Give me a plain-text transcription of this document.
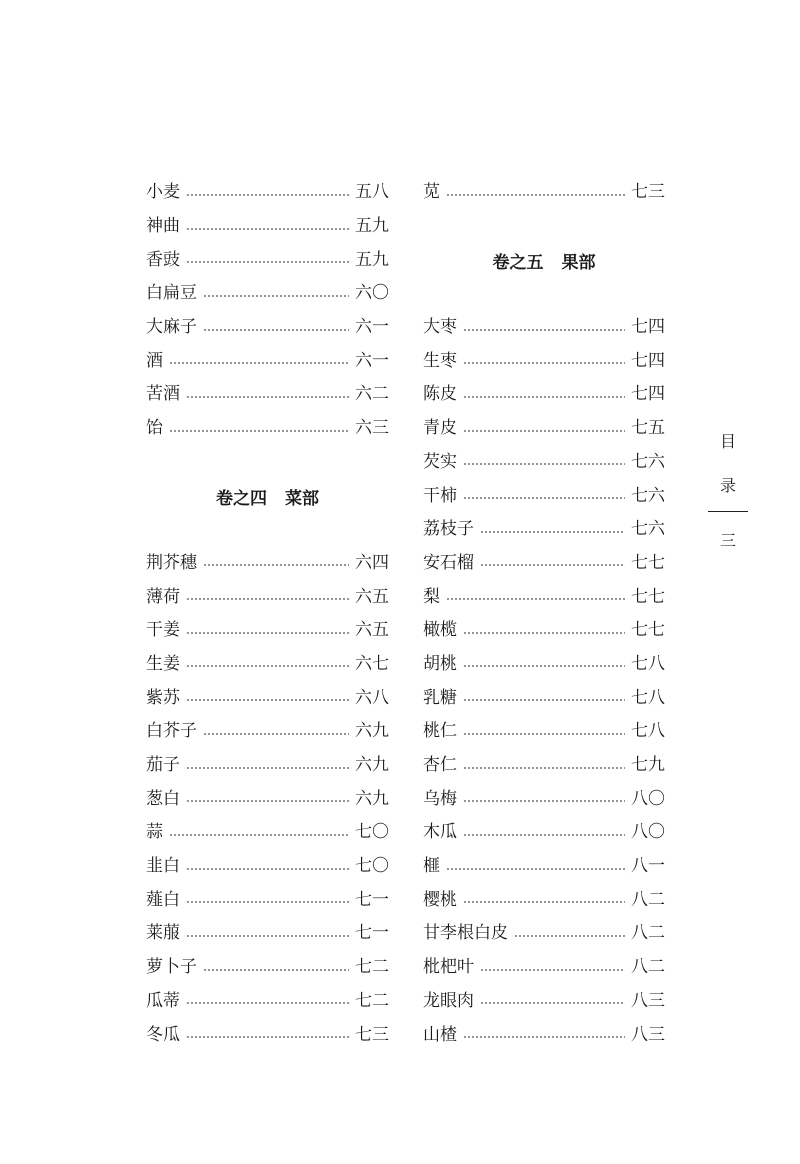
小麦	五八
神曲	五九
香豉	五九
白扁豆	六〇
大麻子	六一
酒	六一
苦酒	六二
饴	六三
卷之四 菜部
荆芥穗	六四
薄荷	六五
干姜	六五
生姜	六七
紫苏	六八
白芥子	六九
茄子	六九
葱白	六九
蒜	七〇
韭白	七〇
薤白	七一
莱菔	七一
萝卜子	七二
瓜蒂	七二
冬瓜	七三
苋	七三
卷之五 果部
大枣	七四
生枣	七四
陈皮	七四
青皮	七五
芡实	七六
干柿	七六
荔枝子	七六
安石榴	七七
梨	七七
橄榄	七七
胡桃	七八
乳糖	七八
桃仁	七八
杏仁	七九
乌梅	八〇
木瓜	八〇
榧	八一
樱桃	八二
甘李根白皮	八二
枇杷叶	八二
龙眼肉	八三
山楂	八三
目
录
三
